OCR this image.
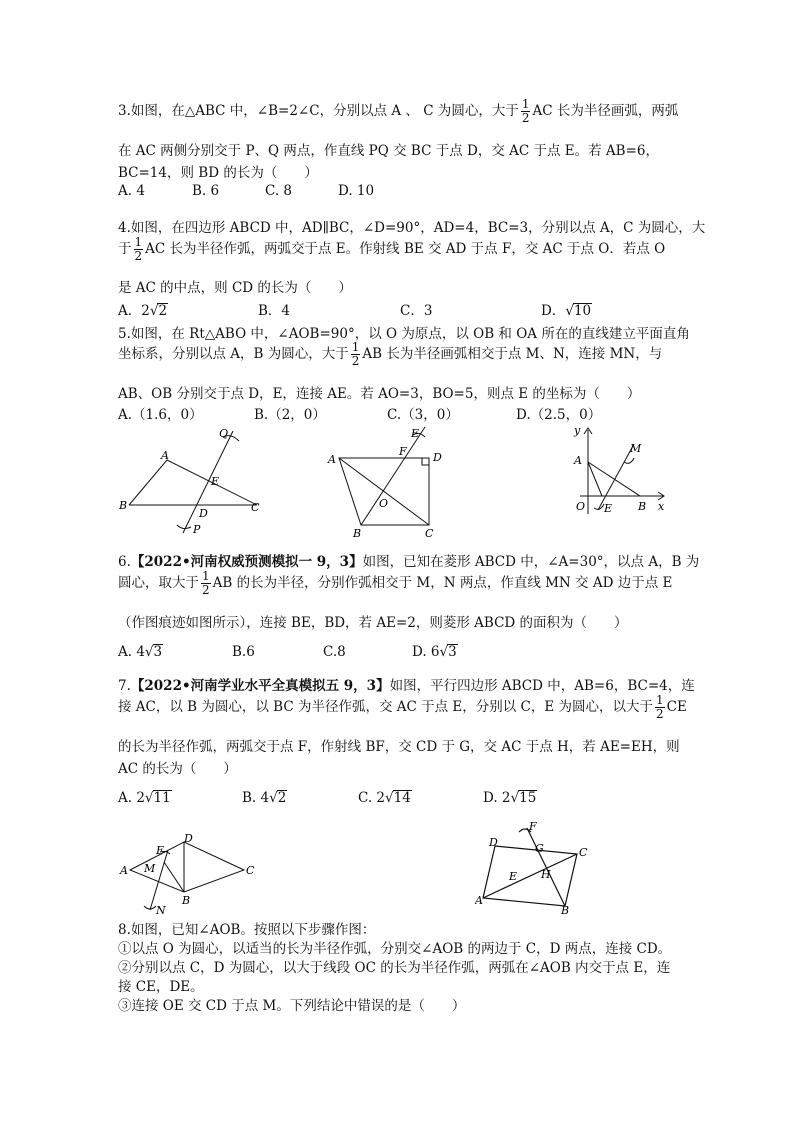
3.如图，在△ABC 中，∠B=2∠C，分别以点 A 、 C 为圆心，大于 $\frac{1}{2}$ AC 长为半径画弧，两弧
在 AC 两侧分别交于 P、Q 两点，作直线 PQ 交 BC 于点 D，交 AC 于点 E。若 AB=6，
BC=14，则 BD 的长为（　　）
A. 4	B. 6	C. 8	D. 10
4.如图，在四边形 ABCD 中，AD∥BC，∠D=90°，AD=4，BC=3，分别以点 A，C 为圆心，大
于 $\frac{1}{2}$ AC 长为半径作弧，两弧交于点 E。作射线 BE 交 AD 于点 F，交 AC 于点 O．若点 O
是 AC 的中点，则 CD 的长为（　　）
A．2√2	B．4	C．3	D．√10
5.如图，在 Rt△ABO 中，∠AOB=90°，以 O 为原点，以 OB 和 OA 所在的直线建立平面直角
坐标系，分别以点 A，B 为圆心，大于 $\frac{1}{2}$ AB 长为半径画弧相交于点 M、N，连接 MN，与
AB、OB 分别交于点 D，E，连接 AE。若 AO=3，BO=5，则点 E 的坐标为（　　）
A.（1.6，0）	B.（2，0）	C.（3，0）	D.（2.5，0）
Q
A
E
B
D	C
P
E
A
F D
O
B	C
y
M
A
O E B x
6.【2022•河南权威预测模拟一 9，3】如图，已知在菱形 ABCD 中，∠A=30°，以点 A，B 为
圆心，取大于 $\frac{1}{2}$ AB 的长为半径，分别作弧相交于 M，N 两点，作直线 MN 交 AD 边于点 E
（作图痕迹如图所示），连接 BE，BD，若 AE=2，则菱形 ABCD 的面积为（　　）
A. 4√3	B.6	C.8	D. 6√3
7.【2022•河南学业水平全真模拟五 9，3】如图，平行四边形 ABCD 中，AB=6，BC=4，连
接 AC，以 B 为圆心，以 BC 为半径作弧，交 AC 于点 E，分别以 C，E 为圆心，以大于 $\frac{1}{2}$ CE
的长为半径作弧，两弧交于点 F，作射线 BF，交 CD 于 G，交 AC 于点 H，若 AE=EH，则
AC 的长为（　　）
A. 2√11	B. 4√2	C. 2√14	D. 2√15
E
D
A M
B
C
N
F
D	G	C
E H
A
B
8.如图，已知∠AOB。按照以下步骤作图：
①以点 O 为圆心，以适当的长为半径作弧，分别交∠AOB 的两边于 C，D 两点，连接 CD。
②分别以点 C，D 为圆心，以大于线段 OC 的长为半径作弧，两弧在∠AOB 内交于点 E，连
接 CE，DE。
③连接 OE 交 CD 于点 M。下列结论中错误的是（　　）
